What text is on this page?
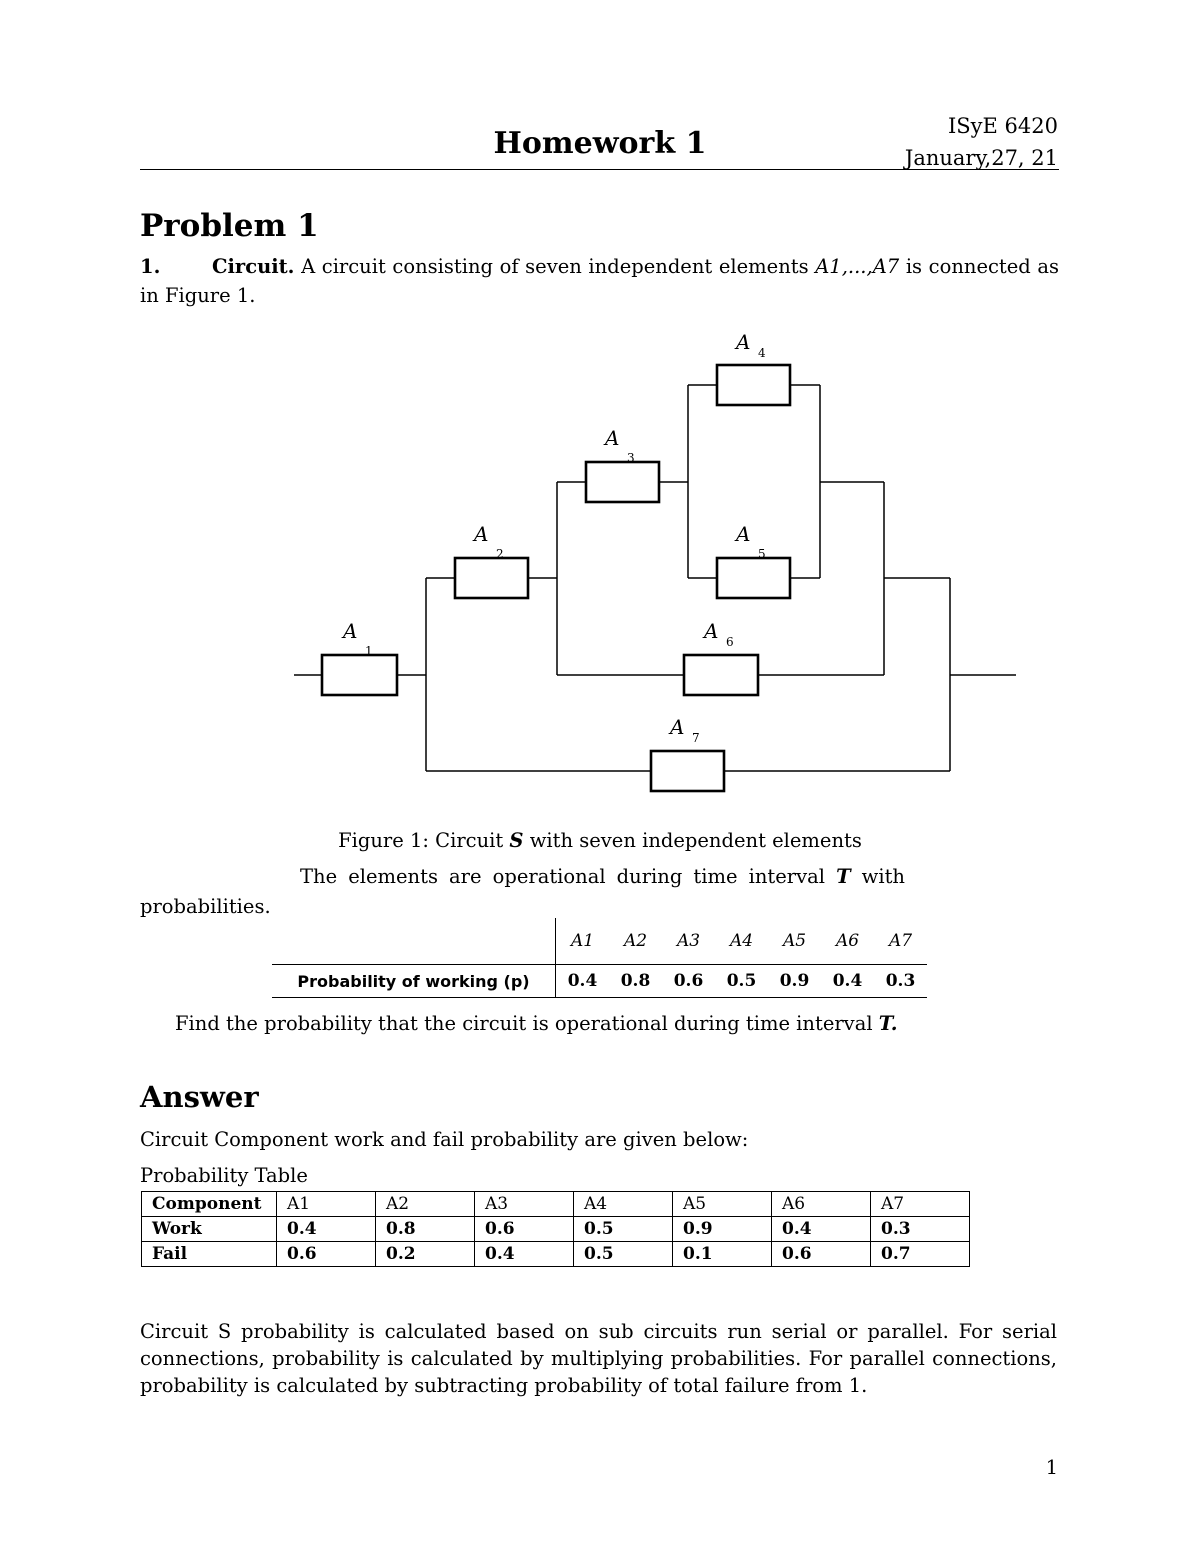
ISyE 6420
January,27, 21
Homework 1
Problem 1
1.	Circuit. A circuit consisting of seven independent elements A1,...,A7 is connected as in Figure 1.
A
1
A
2
A
3
A 4
A
5
A 6
A 7
Figure 1: Circuit S with seven independent elements
The elements are operational during time interval T with
probabilities.
	A1	A2	A3	A4	A5	A6	A7
Probability of working (p)	0.4	0.8	0.6	0.5	0.9	0.4	0.3
Find the probability that the circuit is operational during time interval T.
Answer
Circuit Component work and fail probability are given below:
Probability Table
Component	A1	A2	A3	A4	A5	A6	A7
Work	0.4	0.8	0.6	0.5	0.9	0.4	0.3
Fail	0.6	0.2	0.4	0.5	0.1	0.6	0.7
Circuit S probability is calculated based on sub circuits run serial or parallel. For serial connections, probability is calculated by multiplying probabilities. For parallel connections, probability is calculated by subtracting probability of total failure from 1.
1
